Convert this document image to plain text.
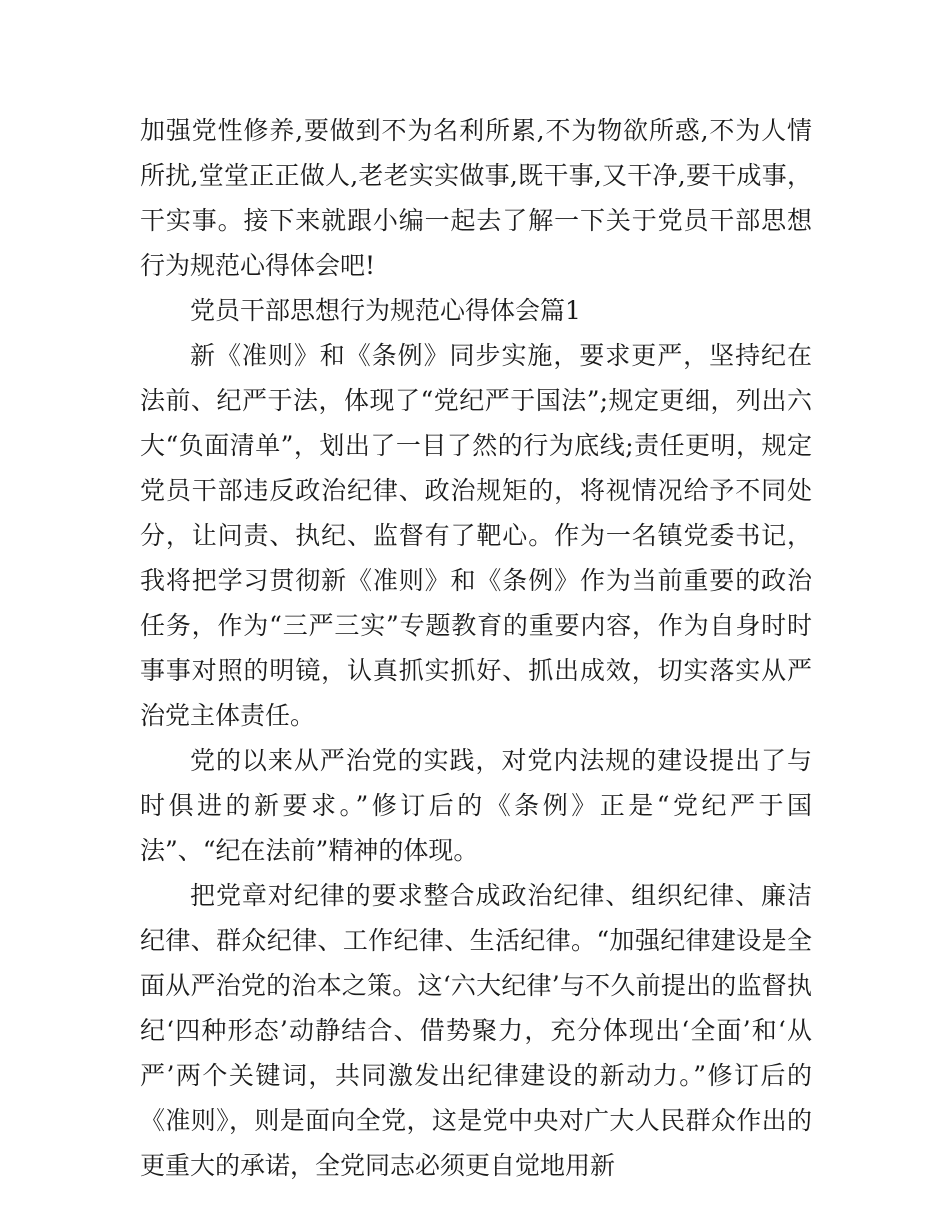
加强党性修养,要做到不为名利所累,不为物欲所惑,不为人情所扰,堂堂正正做人,老老实实做事,既干事,又干净,要干成事，干实事。接下来就跟小编一起去了解一下关于党员干部思想行为规范心得体会吧!

党员干部思想行为规范心得体会篇1

新《准则》和《条例》同步实施，要求更严，坚持纪在法前、纪严于法，体现了“党纪严于国法”;规定更细，列出六大“负面清单”，划出了一目了然的行为底线;责任更明，规定党员干部违反政治纪律、政治规矩的，将视情况给予不同处分，让问责、执纪、监督有了靶心。作为一名镇党委书记，我将把学习贯彻新《准则》和《条例》作为当前重要的政治任务，作为“三严三实”专题教育的重要内容，作为自身时时事事对照的明镜，认真抓实抓好、抓出成效，切实落实从严治党主体责任。

党的以来从严治党的实践，对党内法规的建设提出了与时俱进的新要求。”修订后的《条例》正是“党纪严于国法”、“纪在法前”精神的体现。

把党章对纪律的要求整合成政治纪律、组织纪律、廉洁纪律、群众纪律、工作纪律、生活纪律。“加强纪律建设是全面从严治党的治本之策。这‘六大纪律’与不久前提出的监督执纪‘四种形态’动静结合、借势聚力，充分体现出‘全面’和‘从严’两个关键词，共同激发出纪律建设的新动力。”修订后的《准则》，则是面向全党，这是党中央对广大人民群众作出的更重大的承诺，全党同志必须更自觉地用新
